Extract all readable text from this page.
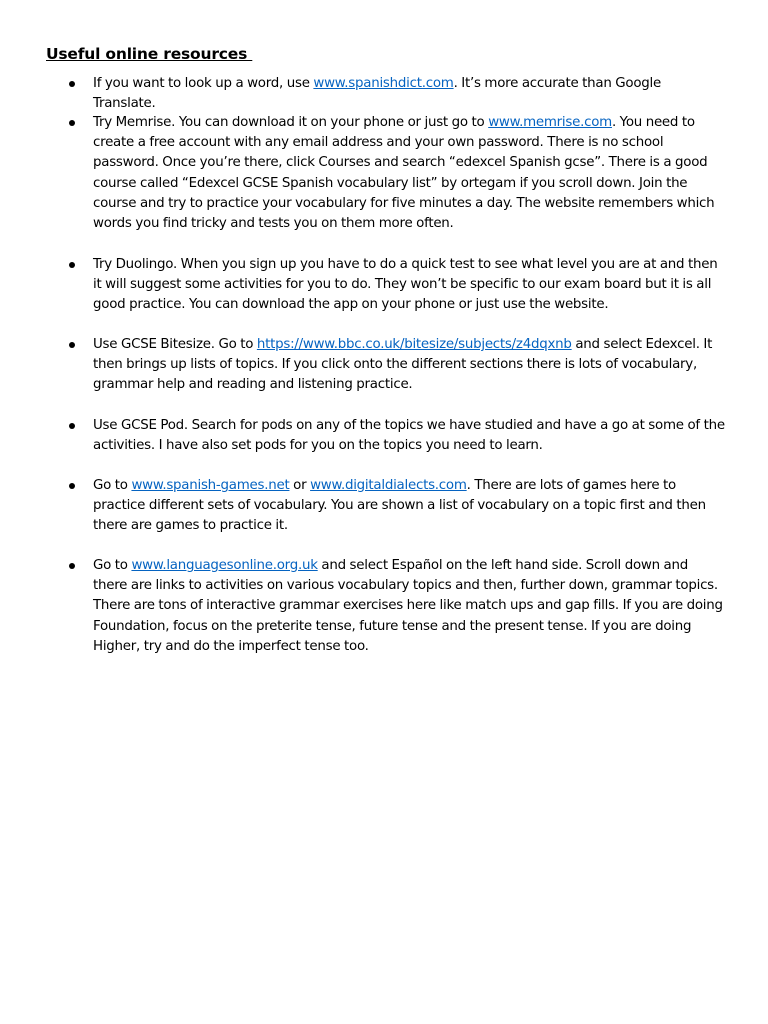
Useful online resources
If you want to look up a word, use www.spanishdict.com. It’s more accurate than Google Translate.
Try Memrise. You can download it on your phone or just go to www.memrise.com. You need to create a free account with any email address and your own password. There is no school password. Once you’re there, click Courses and search “edexcel Spanish gcse”. There is a good course called “Edexcel GCSE Spanish vocabulary list” by ortegam if you scroll down. Join the course and try to practice your vocabulary for five minutes a day. The website remembers which words you find tricky and tests you on them more often.
Try Duolingo. When you sign up you have to do a quick test to see what level you are at and then it will suggest some activities for you to do. They won’t be specific to our exam board but it is all good practice. You can download the app on your phone or just use the website.
Use GCSE Bitesize. Go to https://www.bbc.co.uk/bitesize/subjects/z4dqxnb and select Edexcel. It then brings up lists of topics. If you click onto the different sections there is lots of vocabulary, grammar help and reading and listening practice.
Use GCSE Pod. Search for pods on any of the topics we have studied and have a go at some of the activities. I have also set pods for you on the topics you need to learn.
Go to www.spanish-games.net or www.digitaldialects.com. There are lots of games here to practice different sets of vocabulary. You are shown a list of vocabulary on a topic first and then there are games to practice it.
Go to www.languagesonline.org.uk and select Español on the left hand side. Scroll down and there are links to activities on various vocabulary topics and then, further down, grammar topics. There are tons of interactive grammar exercises here like match ups and gap fills. If you are doing Foundation, focus on the preterite tense, future tense and the present tense. If you are doing Higher, try and do the imperfect tense too.
